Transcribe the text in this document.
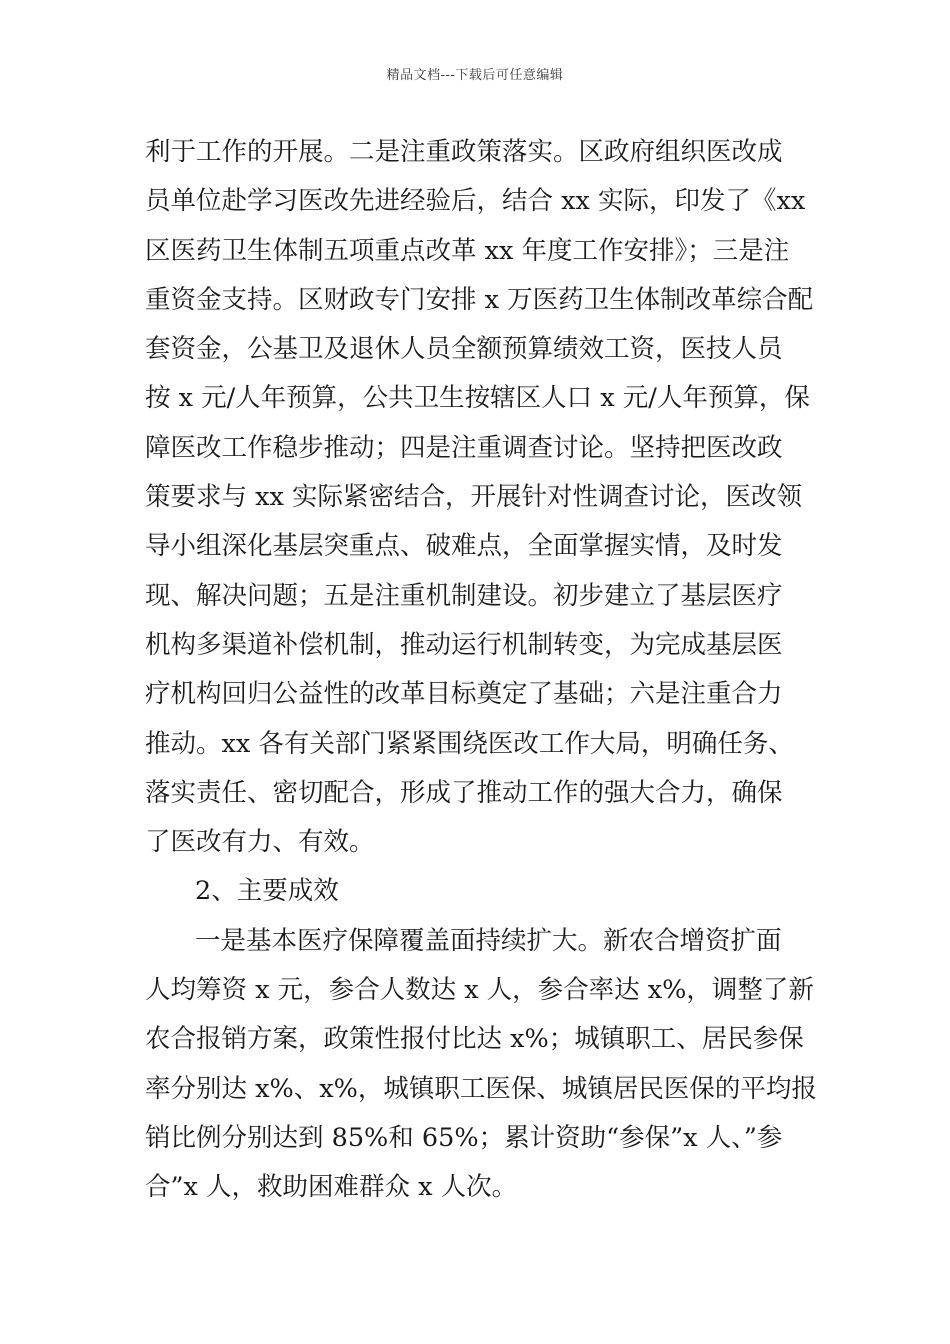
精品文档---下载后可任意编辑
利于工作的开展。二是注重政策落实。区政府组织医改成
员单位赴学习医改先进经验后，结合 xx 实际，印发了《xx
区医药卫生体制五项重点改革 xx 年度工作安排》；三是注
重资金支持。区财政专门安排 x 万医药卫生体制改革综合配
套资金，公基卫及退休人员全额预算绩效工资，医技人员
按 x 元/人年预算，公共卫生按辖区人口 x 元/人年预算，保
障医改工作稳步推动；四是注重调查讨论。坚持把医改政
策要求与 xx 实际紧密结合，开展针对性调查讨论，医改领
导小组深化基层突重点、破难点，全面掌握实情，及时发
现、解决问题；五是注重机制建设。初步建立了基层医疗
机构多渠道补偿机制，推动运行机制转变，为完成基层医
疗机构回归公益性的改革目标奠定了基础；六是注重合力
推动。xx 各有关部门紧紧围绕医改工作大局，明确任务、
落实责任、密切配合，形成了推动工作的强大合力，确保
了医改有力、有效。
2、主要成效
一是基本医疗保障覆盖面持续扩大。新农合增资扩面
人均筹资 x 元，参合人数达 x 人，参合率达 x%，调整了新
农合报销方案，政策性报付比达 x%；城镇职工、居民参保
率分别达 x%、x%，城镇职工医保、城镇居民医保的平均报
销比例分别达到 85%和 65%；累计资助“参保”x 人、”参
合”x 人，救助困难群众 x 人次。
